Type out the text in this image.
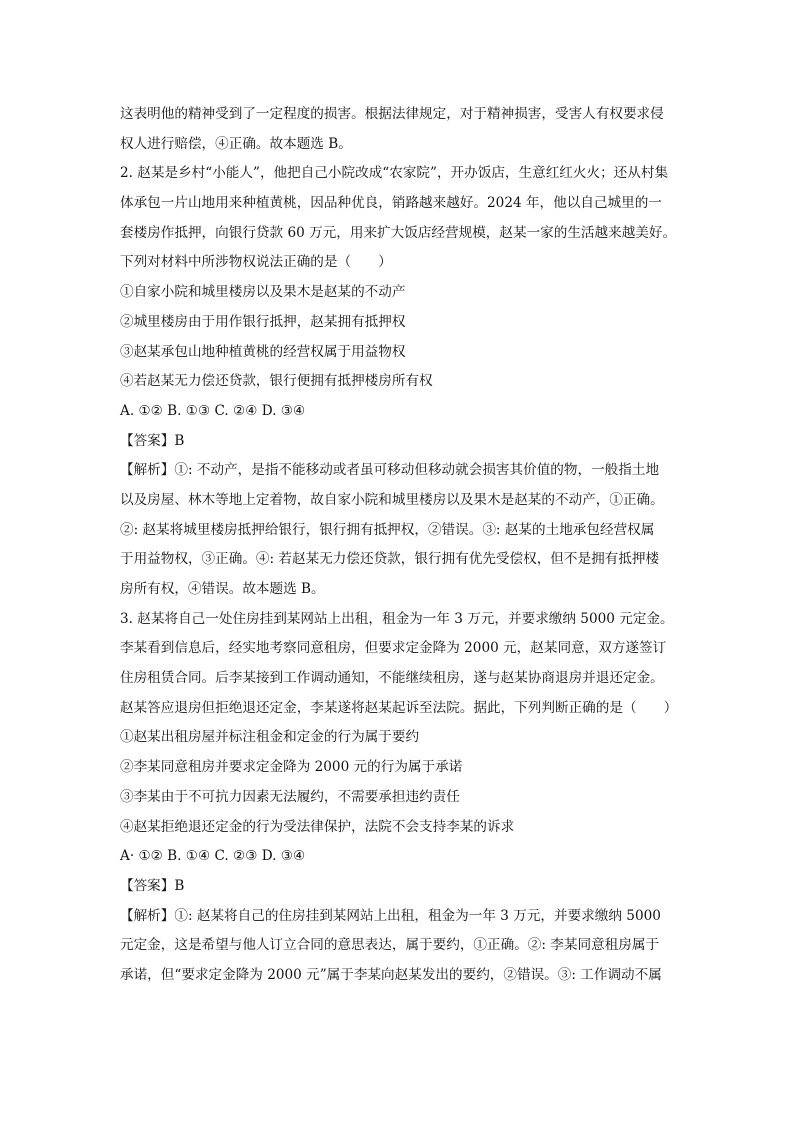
这表明他的精神受到了一定程度的损害。根据法律规定，对于精神损害，受害人有权要求侵
权人进行赔偿，④正确。故本题选 B。
2. 赵某是乡村“小能人”，他把自己小院改成“农家院”，开办饭店，生意红红火火；还从村集
体承包一片山地用来种植黄桃，因品种优良，销路越来越好。2024 年，他以自己城里的一
套楼房作抵押，向银行贷款 60 万元，用来扩大饭店经营规模，赵某一家的生活越来越美好。
下列对材料中所涉物权说法正确的是（　　）
①自家小院和城里楼房以及果木是赵某的不动产
②城里楼房由于用作银行抵押，赵某拥有抵押权
③赵某承包山地种植黄桃的经营权属于用益物权
④若赵某无力偿还贷款，银行便拥有抵押楼房所有权
A. ①② B. ①③ C. ②④ D. ③④
【答案】B
【解析】①: 不动产，是指不能移动或者虽可移动但移动就会损害其价值的物，一般指土地
以及房屋、林木等地上定着物，故自家小院和城里楼房以及果木是赵某的不动产，①正确。
②: 赵某将城里楼房抵押给银行，银行拥有抵押权，②错误。③: 赵某的土地承包经营权属
于用益物权，③正确。④: 若赵某无力偿还贷款，银行拥有优先受偿权，但不是拥有抵押楼
房所有权，④错误。故本题选 B。
3. 赵某将自己一处住房挂到某网站上出租，租金为一年 3 万元，并要求缴纳 5000 元定金。
李某看到信息后，经实地考察同意租房，但要求定金降为 2000 元，赵某同意，双方遂签订
住房租赁合同。后李某接到工作调动通知，不能继续租房，遂与赵某协商退房并退还定金。
赵某答应退房但拒绝退还定金，李某遂将赵某起诉至法院。据此，下列判断正确的是（　　）
①赵某出租房屋并标注租金和定金的行为属于要约
②李某同意租房并要求定金降为 2000 元的行为属于承诺
③李某由于不可抗力因素无法履约，不需要承担违约责任
④赵某拒绝退还定金的行为受法律保护，法院不会支持李某的诉求
A· ①② B. ①④ C. ②③ D. ③④
【答案】B
【解析】①: 赵某将自己的住房挂到某网站上出租，租金为一年 3 万元，并要求缴纳 5000
元定金，这是希望与他人订立合同的意思表达，属于要约，①正确。②: 李某同意租房属于
承诺，但“要求定金降为 2000 元”属于李某向赵某发出的要约，②错误。③: 工作调动不属
